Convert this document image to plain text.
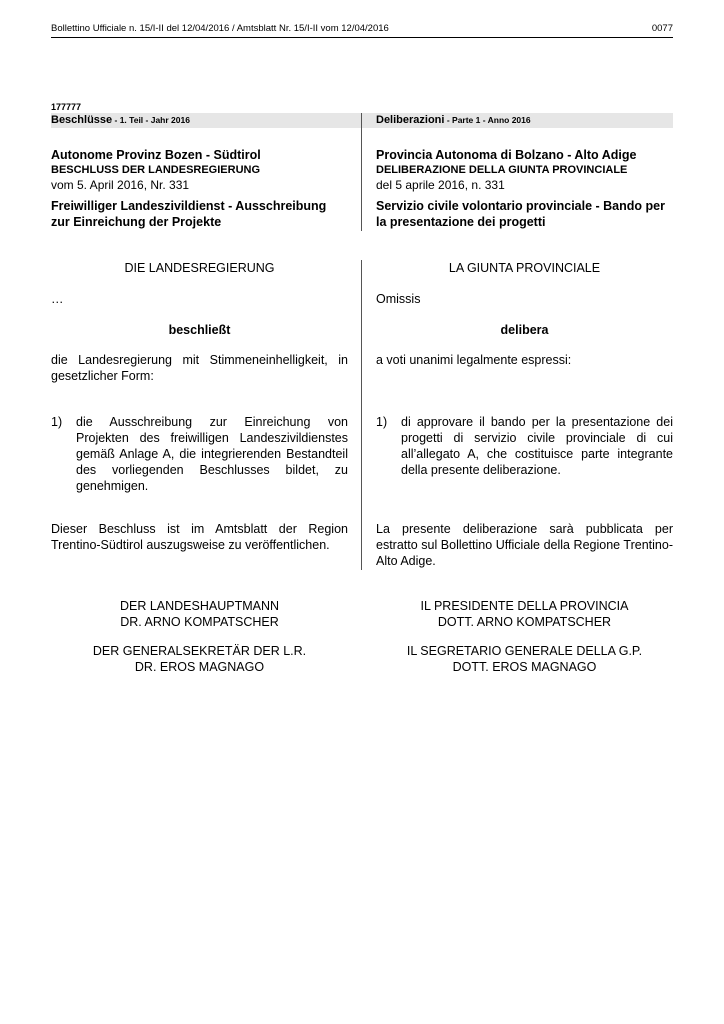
Bollettino Ufficiale n. 15/I-II del 12/04/2016 / Amtsblatt Nr. 15/I-II vom 12/04/2016	0077
177777
Beschlüsse - 1. Teil - Jahr 2016	Deliberazioni - Parte 1 - Anno 2016
Autonome Provinz Bozen - Südtirol
BESCHLUSS DER LANDESREGIERUNG
vom 5. April 2016, Nr. 331
Freiwilliger Landeszivildienst - Ausschreibung zur Einreichung der Projekte
Provincia Autonoma di Bolzano - Alto Adige
DELIBERAZIONE DELLA GIUNTA PROVINCIALE
del 5 aprile 2016, n. 331
Servizio civile volontario provinciale - Bando per la presentazione dei progetti
DIE LANDESREGIERUNG
…
beschließt
die Landesregierung mit Stimmeneinhelligkeit, in gesetzlicher Form:
1)	die Ausschreibung zur Einreichung von Projekten des freiwilligen Landeszivildienstes gemäß Anlage A, die integrierenden Bestandteil des vorliegenden Beschlusses bildet, zu genehmigen.
Dieser Beschluss ist im Amtsblatt der Region Trentino-Südtirol auszugsweise zu veröffentlichen.
DER LANDESHAUPTMANN
DR. ARNO KOMPATSCHER
DER GENERALSEKRETÄR DER L.R.
DR. EROS MAGNAGO
LA GIUNTA PROVINCIALE
Omissis
delibera
a voti unanimi legalmente espressi:
1)	di approvare il bando per la presentazione dei progetti di servizio civile provinciale di cui all’allegato A, che costituisce parte integrante della presente deliberazione.
La presente deliberazione sarà pubblicata per estratto sul Bollettino Ufficiale della Regione Trentino-Alto Adige.
IL PRESIDENTE DELLA PROVINCIA
DOTT. ARNO KOMPATSCHER
IL SEGRETARIO GENERALE DELLA G.P.
DOTT. EROS MAGNAGO
